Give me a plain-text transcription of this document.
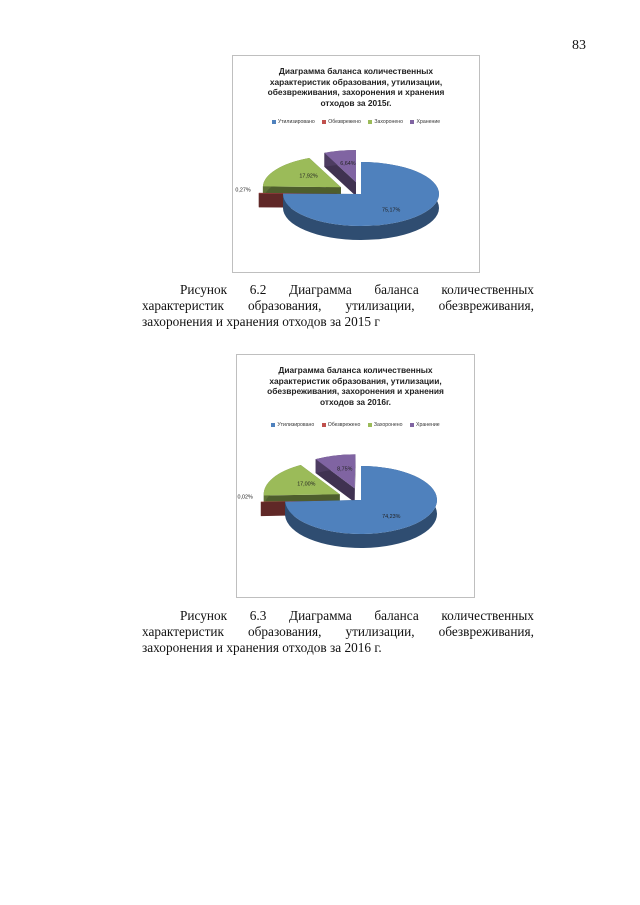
83
Диаграмма баланса количественных
характеристик образования, утилизации,
обезвреживания, захоронения и хранения
отходов за 2015г.
Утилизировано	Обезврежено	Захоронено	Хранение
75,17%
0,27%
17,92%
6,64%
Рисунок 6.2 Диаграмма баланса количественных
характеристик образования, утилизации, обезвреживания, захоронения и хранения отходов за 2015 г
Диаграмма баланса количественных
характеристик образования, утилизации,
обезвреживания, захоронения и хранения
отходов за 2016г.
Утилизировано	Обезврежено	Захоронено	Хранение
74,23%
0,02%
17,00%
8,75%
Рисунок 6.3 Диаграмма баланса количественных
характеристик образования, утилизации, обезвреживания, захоронения и хранения отходов за 2016 г.
